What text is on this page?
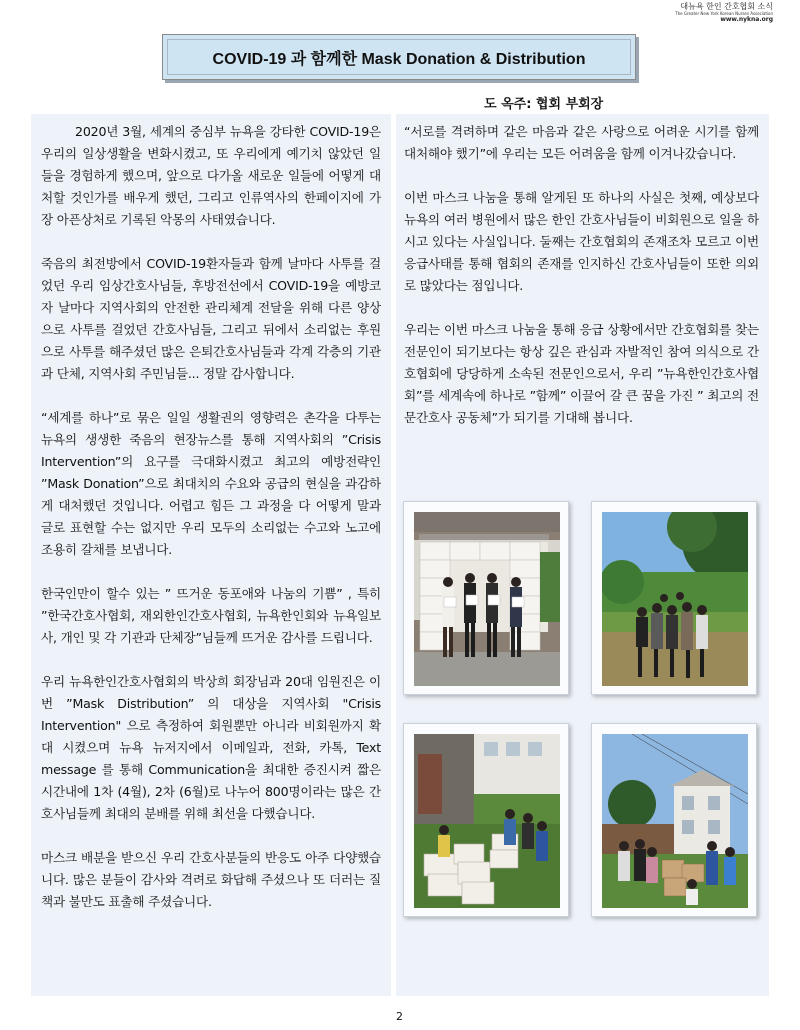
대뉴욕 한인 간호협회 소식
The Greater New York Korean Nurses Association
www.nykna.org
COVID-19 과 함께한 Mask Donation & Distribution
도 옥주: 협회 부회장

2020년 3월, 세계의 중심부 뉴욕을 강타한 COVID-19은 우리의 일상생활을 변화시켰고, 또 우리에게 예기치 않았던 일들을 경험하게 했으며, 앞으로 다가올 새로운 일들에 어떻게 대처할 것인가를 배우게 했던, 그리고 인류역사의 한페이지에 가장 아픈상처로 기록된 악몽의 사태였습니다.

죽음의 최전방에서 COVID-19환자들과 함께 날마다 사투를 걸었던 우리 임상간호사님들, 후방전선에서 COVID-19을 예방코자 날마다 지역사회의 안전한 관리체계 전달을 위해 다른 양상으로 사투를 걸었던 간호사님들, 그리고 뒤에서 소리없는 후원으로 사투를 해주셨던 많은 은퇴간호사님들과 각계 각층의 기관과 단체, 지역사회 주민님들... 정말 감사합니다.

“세계를 하나”로 묶은 일일 생활권의 영향력은 촌각을 다투는 뉴욕의 생생한 죽음의 현장뉴스를 통해 지역사회의 ”Crisis Intervention”의 요구를 극대화시켰고 최고의 예방전략인 ”Mask Donation”으로 최대치의 수요와 공급의 현실을 과감하게 대처했던 것입니다. 어렵고 힘든 그 과정을 다 어떻게 말과 글로 표현할 수는 없지만 우리 모두의 소리없는 수고와 노고에 조용히 갈채를 보냅니다.

한국인만이 할수 있는 ” 뜨거운 동포애와 나눔의 기쁨” , 특히 ”한국간호사협회, 재외한인간호사협회, 뉴욕한인회와 뉴욕일보사, 개인 및 각 기관과 단체장”님들께 뜨거운 감사를 드립니다.

우리 뉴욕한인간호사협회의 박상희 회장님과 20대 임원진은 이번 ”Mask Distribution” 의 대상을 지역사회 "Crisis Intervention" 으로 측정하여 회원뿐만 아니라 비회원까지 확대 시켰으며 뉴욕 뉴저지에서 이메일과, 전화, 카톡, Text message 를 통해 Communication을 최대한 증진시켜 짧은 시간내에 1차 (4월), 2차 (6월)로 나누어 800명이라는 많은 간호사님들께 최대의 분배를 위해 최선을 다했습니다.

마스크 배분을 받으신 우리 간호사분들의 반응도 아주 다양했습니다. 많은 분들이 감사와 격려로 화답해 주셨으나 또 더러는 질책과 불만도 표출해 주셨습니다.

“서로를 격려하며 같은 마음과 같은 사랑으로 어려운 시기를 함께 대처해야 했기”에 우리는 모든 어려움을 함께 이겨나갔습니다.

이번 마스크 나눔을 통해 알게된 또 하나의 사실은 첫째, 예상보다 뉴욕의 여러 병원에서 많은 한인 간호사님들이 비회원으로 일을 하시고 있다는 사실입니다. 둘째는 간호협회의 존재조차 모르고 이번 응급사태를 통해 협회의 존재를 인지하신 간호사님들이 또한 의외로 많았다는 점입니다.

우리는 이번 마스크 나눔을 통해 응급 상황에서만 간호협회를 찾는 전문인이 되기보다는 항상 깊은 관심과 자발적인 참여 의식으로 간호협회에 당당하게 소속된 전문인으로서, 우리 ”뉴욕한인간호사협회”를 세계속에 하나로 ”함께” 이끌어 갈 큰 꿈을 가진 ” 최고의 전문간호사 공동체”가 되기를 기대해 봅니다.

2
